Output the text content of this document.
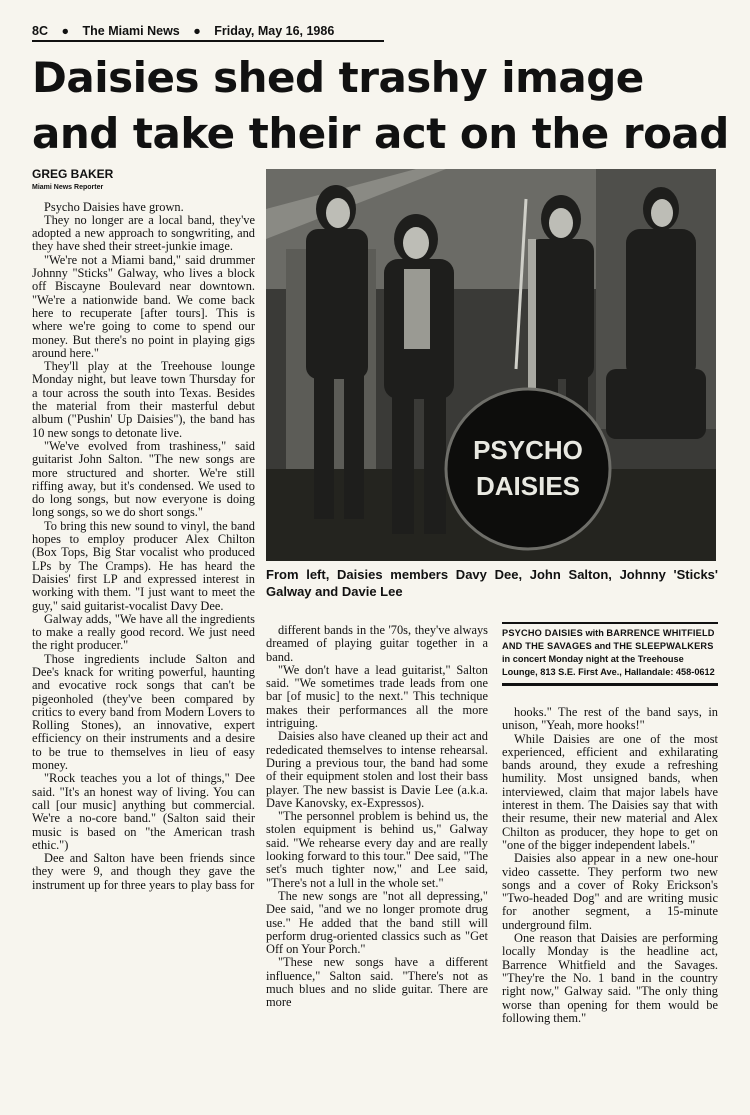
8C ● The Miami News ● Friday, May 16, 1986
Daisies shed trashy image
and take their act on the road
GREG BAKER
Miami News Reporter

Psycho Daisies have grown.

They no longer are a local band, they've adopted a new approach to songwriting, and they have shed their street-junkie image.

"We're not a Miami band," said drummer Johnny "Sticks" Galway, who lives a block off Biscayne Boulevard near downtown. "We're a nationwide band. We come back here to recuperate [after tours]. This is where we're going to come to spend our money. But there's no point in playing gigs around here."

They'll play at the Treehouse lounge Monday night, but leave town Thursday for a tour across the south into Texas. Besides the material from their masterful debut album ("Pushin' Up Daisies"), the band has 10 new songs to detonate live.

"We've evolved from trashiness," said guitarist John Salton. "The new songs are more structured and shorter. We're still riffing away, but it's condensed. We used to do long songs, but now everyone is doing long songs, so we do short songs."

To bring this new sound to vinyl, the band hopes to employ producer Alex Chilton (Box Tops, Big Star vocalist who produced LPs by The Cramps). He has heard the Daisies' first LP and expressed interest in working with them. "I just want to meet the guy," said guitarist-vocalist Davy Dee.

Galway adds, "We have all the ingredients to make a really good record. We just need the right producer."

Those ingredients include Salton and Dee's knack for writing powerful, haunting and evocative rock songs that can't be pigeonholed (they've been compared by critics to every band from Modern Lovers to Rolling Stones), an innovative, expert efficiency on their instruments and a desire to be true to themselves in lieu of easy money.

"Rock teaches you a lot of things," Dee said. "It's an honest way of living. You can call [our music] anything but commercial. We're a no-core band." (Salton said their music is based on "the American trash ethic.")

Dee and Salton have been friends since they were 9, and though they gave the instrument up for three years to play bass for

PSYCHO
DAISIES
From left, Daisies members Davy Dee, John Salton, Johnny 'Sticks' Galway and Davie Lee

different bands in the '70s, they've always dreamed of playing guitar together in a band.

"We don't have a lead guitarist," Salton said. "We sometimes trade leads from one bar [of music] to the next." This technique makes their performances all the more intriguing.

Daisies also have cleaned up their act and rededicated themselves to intense rehearsal. During a previous tour, the band had some of their equipment stolen and lost their bass player. The new bassist is Davie Lee (a.k.a. Dave Kanovsky, ex-Expressos).

"The personnel problem is behind us, the stolen equipment is behind us," Galway said. "We rehearse every day and are really looking forward to this tour." Dee said, "The set's much tighter now," and Lee said, "There's not a lull in the whole set."

The new songs are "not all depressing," Dee said, "and we no longer promote drug use." He added that the band still will perform drug-oriented classics such as "Get Off on Your Porch."

"These new songs have a different influence," Salton said. "There's not as much blues and no slide guitar. There are more

PSYCHO DAISIES with BARRENCE WHITFIELD AND THE SAVAGES and THE SLEEPWALKERS in concert Monday night at the Treehouse Lounge, 813 S.E. First Ave., Hallandale: 458-0612

hooks." The rest of the band says, in unison, "Yeah, more hooks!"

While Daisies are one of the most experienced, efficient and exhilarating bands around, they exude a refreshing humility. Most unsigned bands, when interviewed, claim that major labels have interest in them. The Daisies say that with their resume, their new material and Alex Chilton as producer, they hope to get on "one of the bigger independent labels."

Daisies also appear in a new one-hour video cassette. They perform two new songs and a cover of Roky Erickson's "Two-headed Dog" and are writing music for another segment, a 15-minute underground film.

One reason that Daisies are performing locally Monday is the headline act, Barrence Whitfield and the Savages. "They're the No. 1 band in the country right now," Galway said. "The only thing worse than opening for them would be following them."
